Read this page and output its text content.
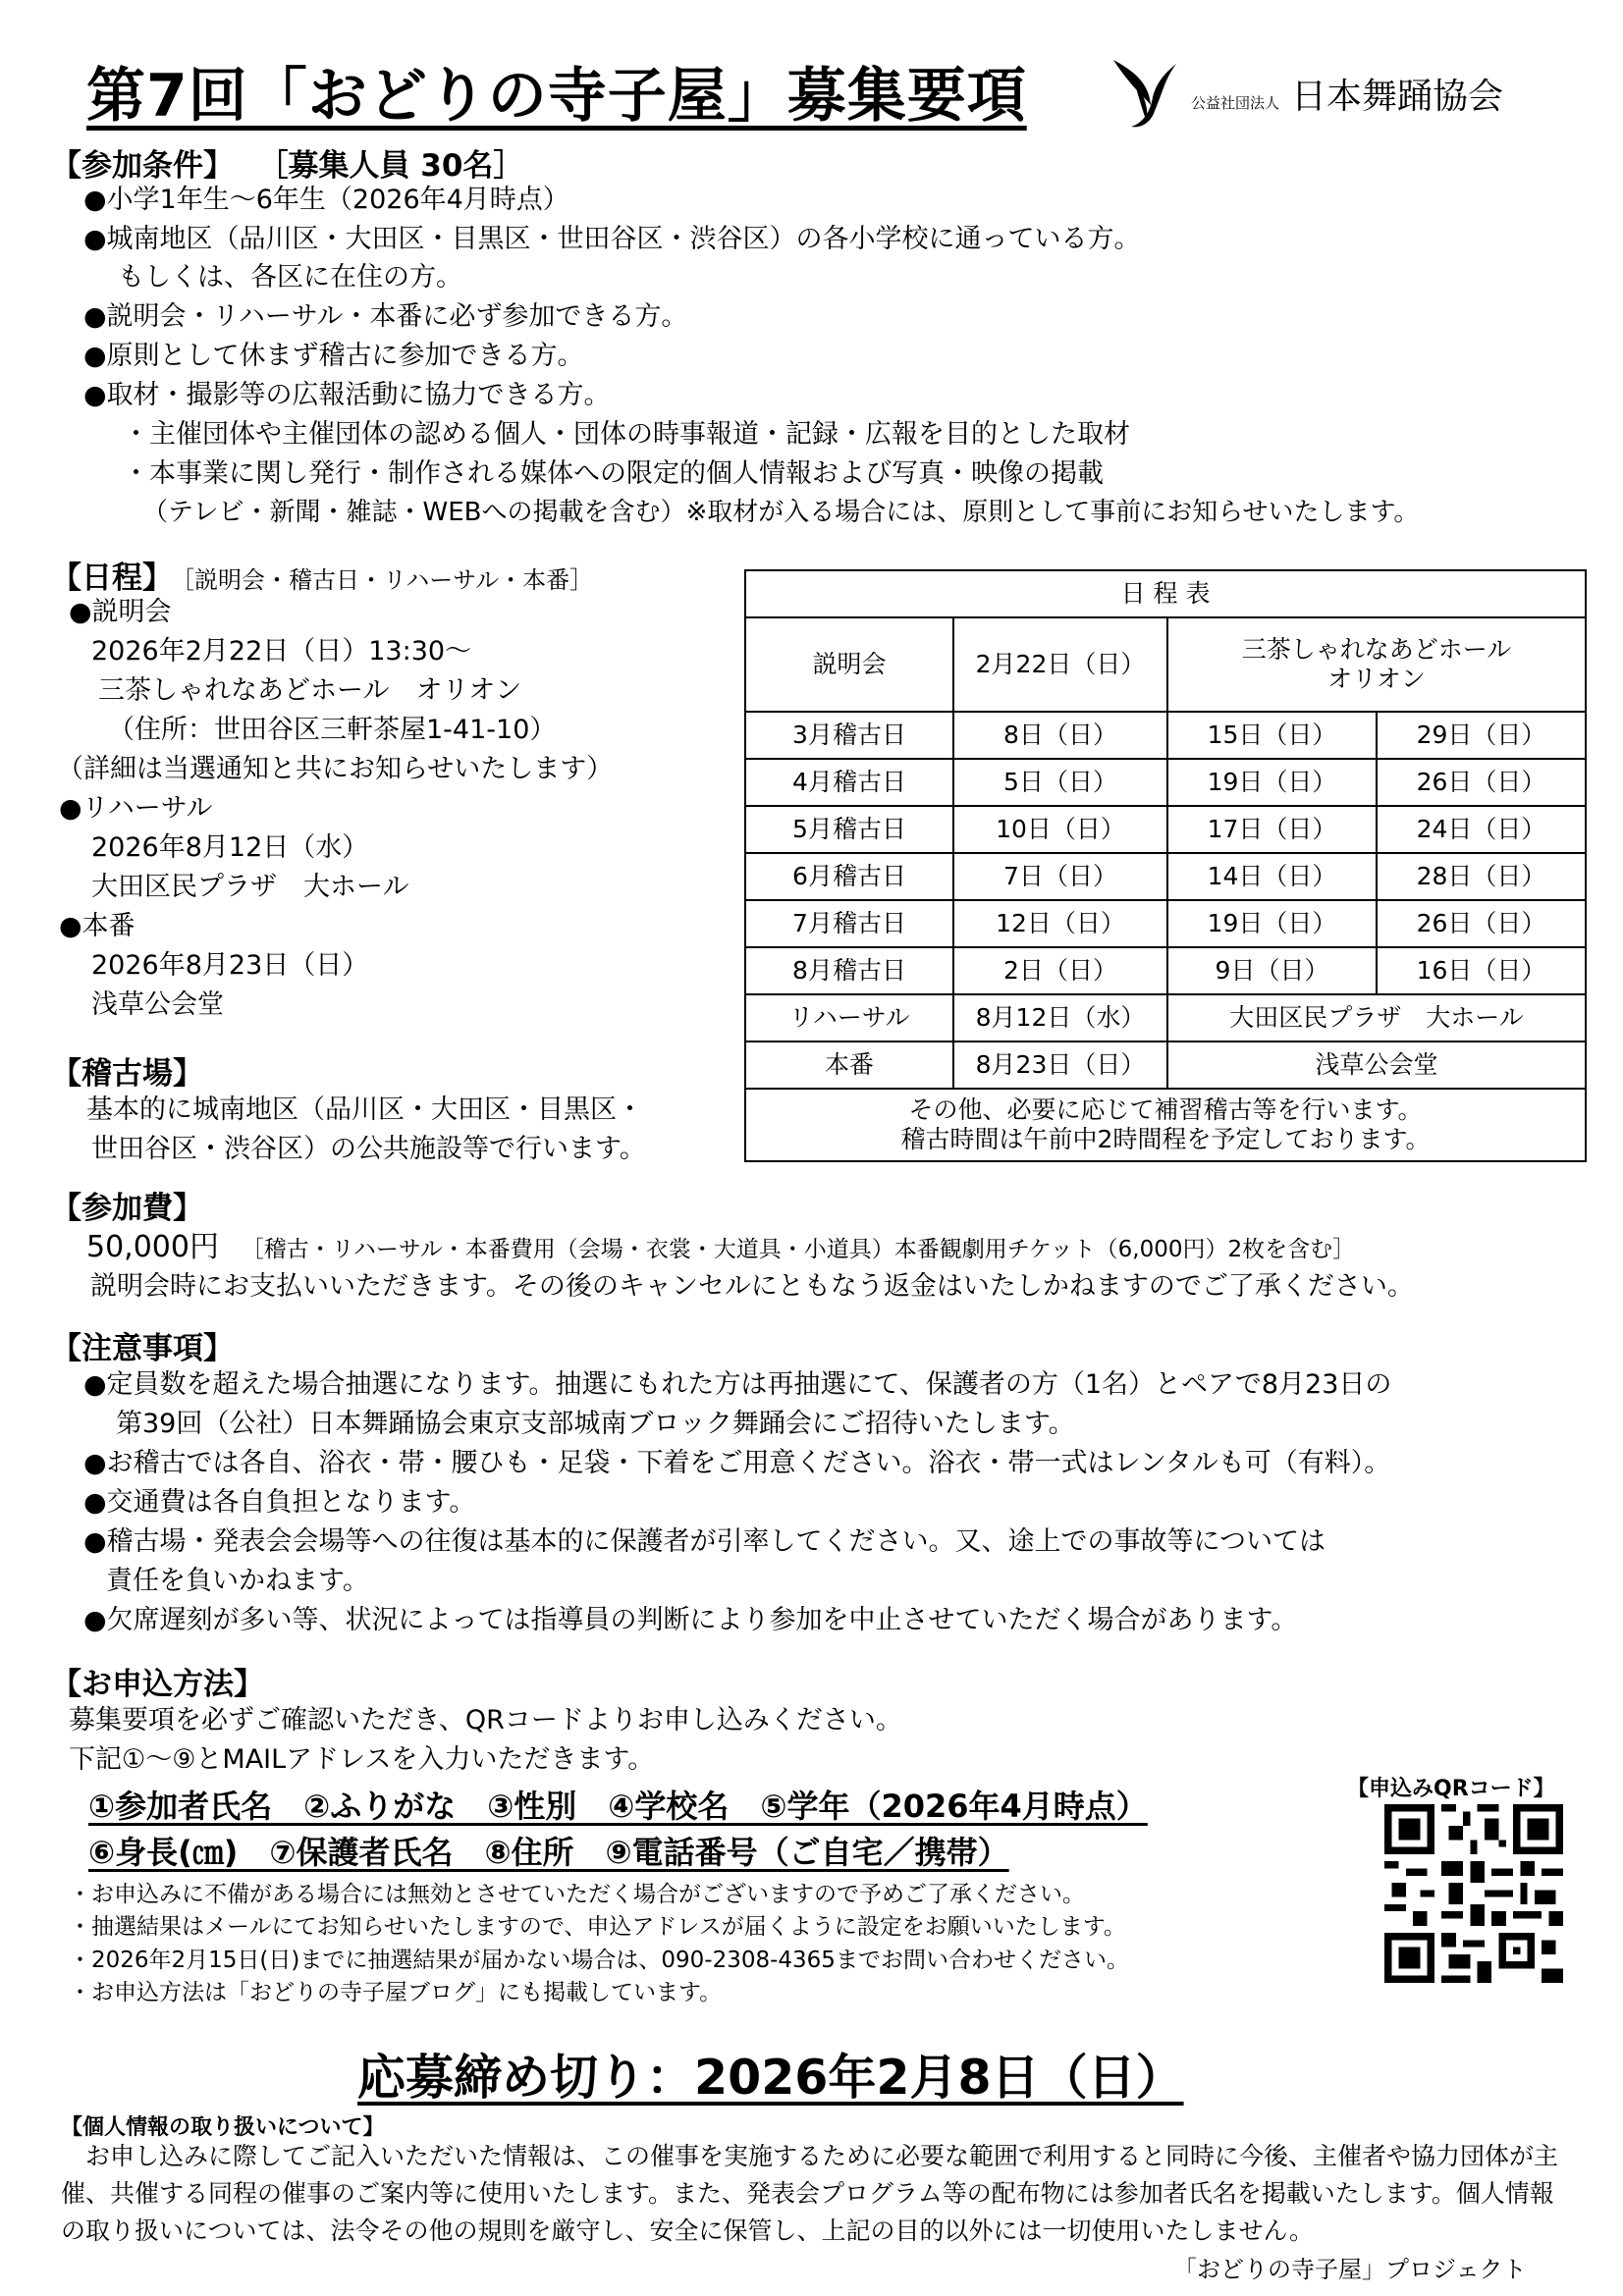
第7回「おどりの寺子屋」募集要項	公益社団法人 日本舞踊協会
【参加条件】 ［募集人員 30名］
●小学1年生～6年生（2026年4月時点）
●城南地区（品川区・大田区・目黒区・世田谷区・渋谷区）の各小学校に通っている方。
もしくは、各区に在住の方。
●説明会・リハーサル・本番に必ず参加できる方。
●原則として休まず稽古に参加できる方。
●取材・撮影等の広報活動に協力できる方。
・主催団体や主催団体の認める個人・団体の時事報道・記録・広報を目的とした取材
・本事業に関し発行・制作される媒体への限定的個人情報および写真・映像の掲載
（テレビ・新聞・雑誌・WEBへの掲載を含む）※取材が入る場合には、原則として事前にお知らせいたします。
【日程】 ［説明会・稽古日・リハーサル・本番］
●説明会
2026年2月22日（日）13:30～
三茶しゃれなあどホール　オリオン
（住所：世田谷区三軒茶屋1-41-10）
（詳細は当選通知と共にお知らせいたします）
●リハーサル
2026年8月12日（水）
大田区民プラザ　大ホール
●本番
2026年8月23日（日）
浅草公会堂
日 程 表			
説明会	2月22日（日）	三茶しゃれなあどホール
オリオン	
3月稽古日	8日（日）	15日（日）	29日（日）
4月稽古日	5日（日）	19日（日）	26日（日）
5月稽古日	10日（日）	17日（日）	24日（日）
6月稽古日	7日（日）	14日（日）	28日（日）
7月稽古日	12日（日）	19日（日）	26日（日）
8月稽古日	2日（日）	9日（日）	16日（日）
リハーサル	8月12日（水）	大田区民プラザ　大ホール	
本番	8月23日（日）	浅草公会堂	
その他、必要に応じて補習稽古等を行います。
稽古時間は午前中2時間程を予定しております。			
【稽古場】
基本的に城南地区（品川区・大田区・目黒区・
世田谷区・渋谷区）の公共施設等で行います。
【参加費】
50,000円 ［稽古・リハーサル・本番費用（会場・衣裳・大道具・小道具）本番観劇用チケット（6,000円）2枚を含む］
説明会時にお支払いいただきます。その後のキャンセルにともなう返金はいたしかねますのでご了承ください。
【注意事項】
●定員数を超えた場合抽選になります。抽選にもれた方は再抽選にて、保護者の方（1名）とペアで8月23日の
第39回（公社）日本舞踊協会東京支部城南ブロック舞踊会にご招待いたします。
●お稽古では各自、浴衣・帯・腰ひも・足袋・下着をご用意ください。浴衣・帯一式はレンタルも可（有料）。
●交通費は各自負担となります。
●稽古場・発表会会場等への往復は基本的に保護者が引率してください。又、途上での事故等については
責任を負いかねます。
●欠席遅刻が多い等、状況によっては指導員の判断により参加を中止させていただく場合があります。
【お申込方法】
募集要項を必ずご確認いただき、QRコードよりお申し込みください。
下記①～⑨とMAILアドレスを入力いただきます。
①参加者氏名　②ふりがな　③性別　④学校名　⑤学年（2026年4月時点）
⑥身長(㎝)　⑦保護者氏名　⑧住所　⑨電話番号（ご自宅／携帯）
・お申込みに不備がある場合には無効とさせていただく場合がございますので予めご了承ください。
・抽選結果はメールにてお知らせいたしますので、申込アドレスが届くように設定をお願いいたします。
・2026年2月15日(日)までに抽選結果が届かない場合は、090-2308-4365までお問い合わせください。
・お申込方法は「おどりの寺子屋ブログ」にも掲載しています。
【申込みQRコード】
応募締め切り：2026年2月8日（日）
【個人情報の取り扱いについて】
　お申し込みに際してご記入いただいた情報は、この催事を実施するために必要な範囲で利用すると同時に今後、主催者や協力団体が主催、共催する同程の催事のご案内等に使用いたします。また、発表会プログラム等の配布物には参加者氏名を掲載いたします。個人情報の取り扱いについては、法令その他の規則を厳守し、安全に保管し、上記の目的以外には一切使用いたしません。
「おどりの寺子屋」プロジェクト
